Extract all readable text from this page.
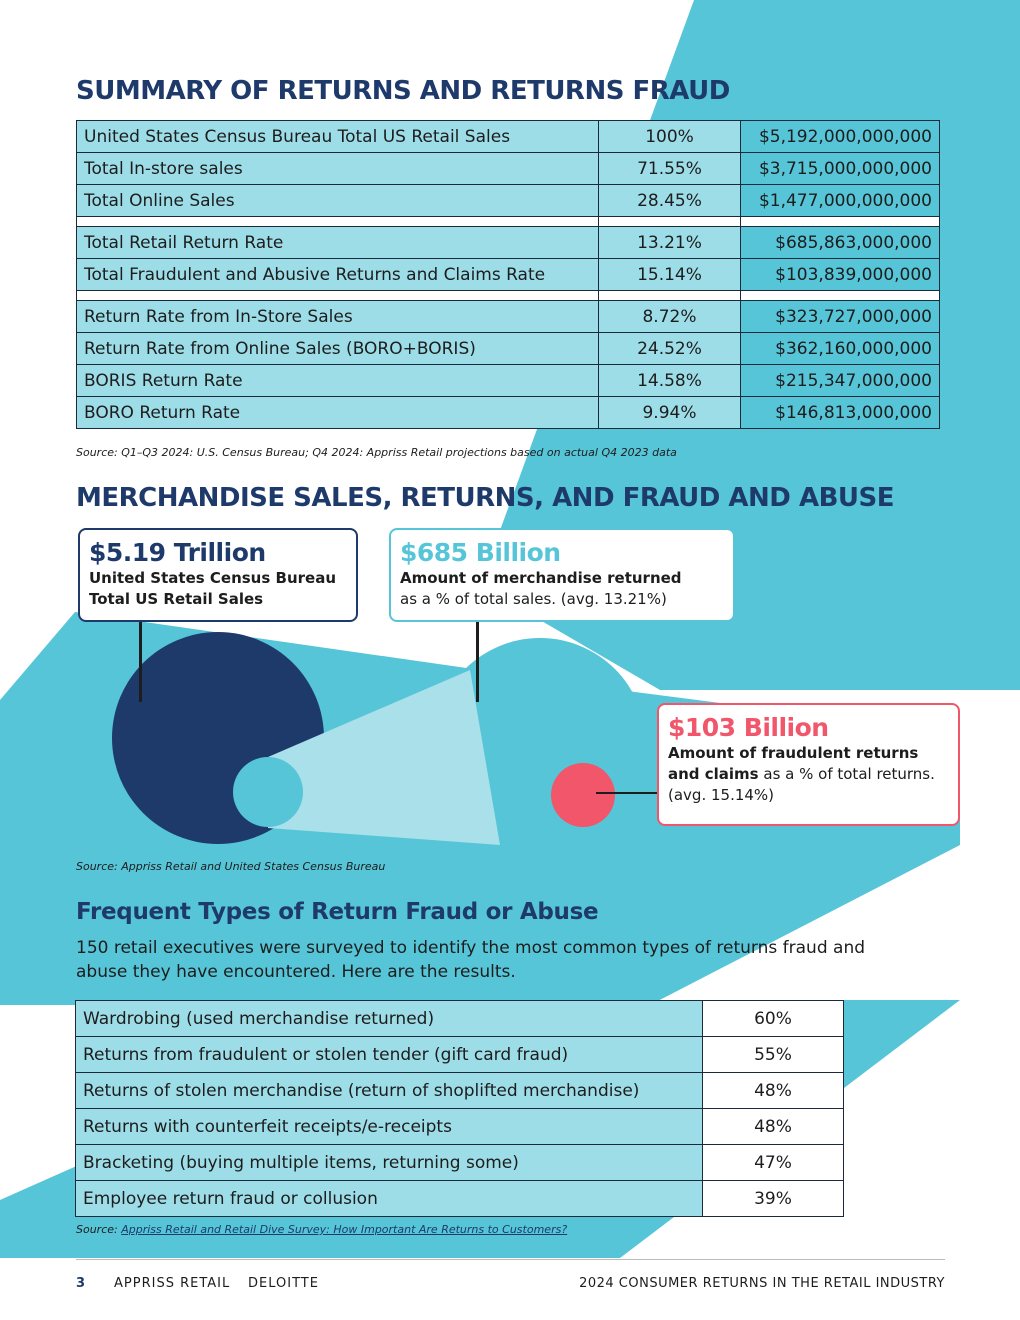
SUMMARY OF RETURNS AND RETURNS FRAUD
United States Census Bureau Total US Retail Sales	100%	$5,192,000,000,000
Total In-store sales	71.55%	$3,715,000,000,000
Total Online Sales	28.45%	$1,477,000,000,000

Total Retail Return Rate	13.21%	$685,863,000,000
Total Fraudulent and Abusive Returns and Claims Rate	15.14%	$103,839,000,000

Return Rate from In-Store Sales	8.72%	$323,727,000,000
Return Rate from Online Sales (BORO+BORIS)	24.52%	$362,160,000,000
BORIS Return Rate	14.58%	$215,347,000,000
BORO Return Rate	9.94%	$146,813,000,000
Source: Q1–Q3 2024: U.S. Census Bureau; Q4 2024: Appriss Retail projections based on actual Q4 2023 data
MERCHANDISE SALES, RETURNS, AND FRAUD AND ABUSE
$5.19 Trillion
United States Census Bureau Total US Retail Sales
$685 Billion
Amount of merchandise returned
as a % of total sales. (avg. 13.21%)
$103 Billion
Amount of fraudulent returns and claims as a % of total returns. (avg. 15.14%)
Source: Appriss Retail and United States Census Bureau
Frequent Types of Return Fraud or Abuse

150 retail executives were surveyed to identify the most common types of returns fraud and abuse they have encountered. Here are the results.

Wardrobing (used merchandise returned)	60%
Returns from fraudulent or stolen tender (gift card fraud)	55%
Returns of stolen merchandise (return of shoplifted merchandise)	48%
Returns with counterfeit receipts/e-receipts	48%
Bracketing (buying multiple items, returning some)	47%
Employee return fraud or collusion	39%
Source: Appriss Retail and Retail Dive Survey: How Important Are Returns to Customers?
3 APPRISS RETAIL DELOITTE	2024 CONSUMER RETURNS IN THE RETAIL INDUSTRY
